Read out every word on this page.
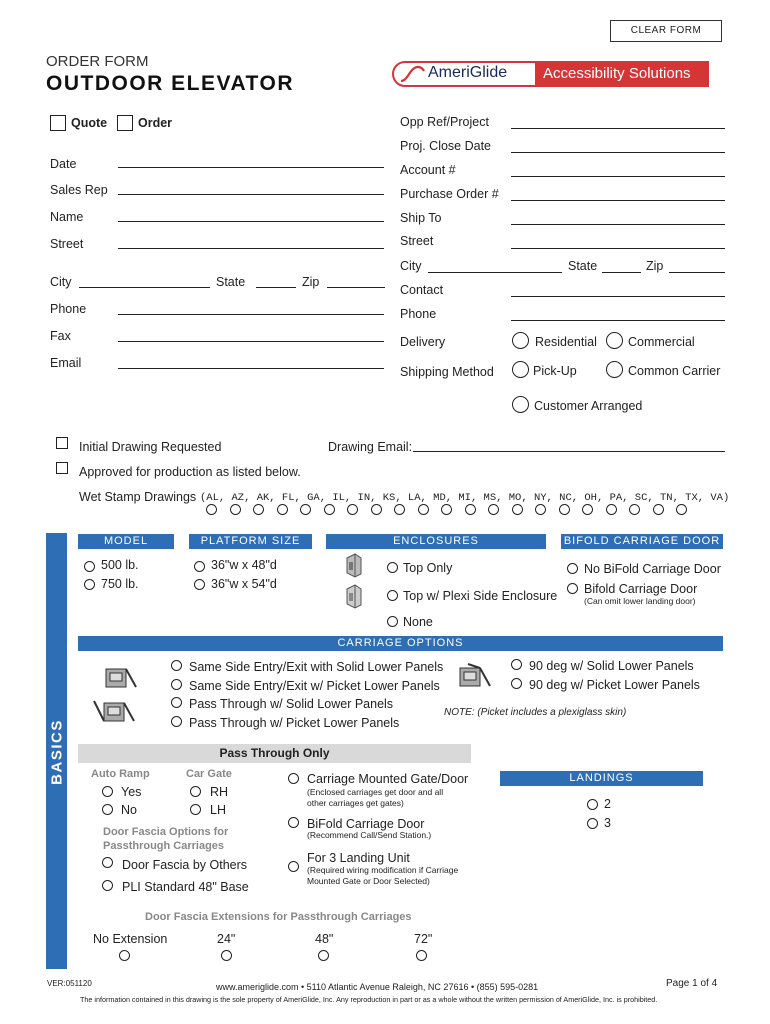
CLEAR FORM
ORDER FORM
OUTDOOR ELEVATOR	AmeriGlide Accessibility Solutions
Quote Order
Date
Sales Rep
Name
Street
City	State	Zip
Phone
Fax
Email
Opp Ref/Project
Proj. Close Date
Account #
Purchase Order #
Ship To
Street
City	State	Zip
Contact
Phone
Delivery	Residential Commercial
Shipping Method	Pick-Up	Common Carrier
Customer Arranged
Initial Drawing Requested	Drawing Email:
Approved for production as listed below.
Wet Stamp Drawings (AL, AZ, AK, FL, GA, IL, IN, KS, LA, MD, MI, MS, MO, NY, NC, OH, PA, SC, TN, TX, VA)
BASICS
MODEL	PLATFORM SIZE	ENCLOSURES	BIFOLD CARRIAGE DOOR
500 lb.
750 lb.
36"w x 48"d
36"w x 54"d
Top Only
Top w/ Plexi Side Enclosure
None
No BiFold Carriage Door
Bifold Carriage Door
(Can omit lower landing door)
CARRIAGE OPTIONS
Same Side Entry/Exit with Solid Lower Panels
Same Side Entry/Exit w/ Picket Lower Panels
Pass Through w/ Solid Lower Panels
Pass Through w/ Picket Lower Panels
90 deg w/ Solid Lower Panels
90 deg w/ Picket Lower Panels
NOTE: (Picket includes a plexiglass skin)
Pass Through Only
Auto Ramp
Yes
No
Car Gate
RH
LH
Carriage Mounted Gate/Door
(Enclosed carriages get door and all other carriages get gates)
BiFold Carriage Door
(Recommend Call/Send Station.)
For 3 Landing Unit
(Required wiring modification if Carriage Mounted Gate or Door Selected)
Door Fascia Options for
Passthrough Carriages
Door Fascia by Others
PLI Standard 48" Base
Door Fascia Extensions for Passthrough Carriages
No Extension	24"	48"	72"
LANDINGS
2
3
VER:051120	www.ameriglide.com • 5110 Atlantic Avenue Raleigh, NC 27616 • (855) 595-0281	Page 1 of 4
The information contained in this drawing is the sole property of AmeriGlide, Inc. Any reproduction in part or as a whole without the written permission of AmeriGlide, Inc. is prohibited.
